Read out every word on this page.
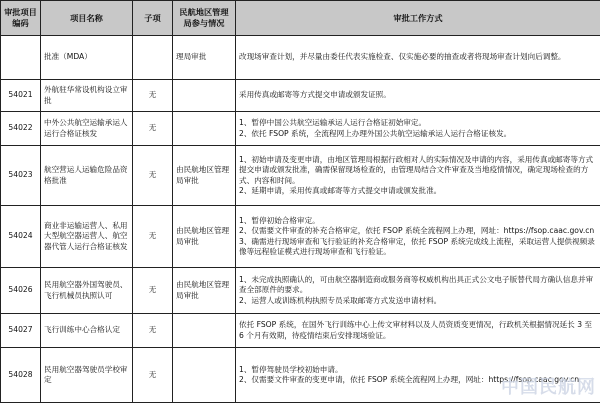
审批项目编码	项目名称	子项	民航地区管理局参与情况	审批工作方式
	批准（MDA）		理局审批	改现场审查计划，并尽量由委任代表实施检查、仅实施必要的抽查或者将现场审查计划向后调整。

54021	外航驻华常设机构设立审批	无		采用传真或邮寄等方式提交申请或颁发证照。

54022	中外公共航空运输承运人运行合格证核发	无		1、暂停中国公共航空运输承运人运行合格证初始审定。

2、依托 FSOP 系统，全流程网上办理外国公共航空运输承运人运行合格证核发。

54023	航空营运人运输危险品资格批准	无	由民航地区管理局审批	1、初始申请及变更申请，由地区管理局根据行政相对人的实际情况及申请的内容，采用传真或邮寄等方式提交申请或颁发批准，确需保留现场检查的，由管理局结合文件审查及当地疫情情况，确定现场检查的方式、内容和时间。

2、延期申请，采用传真或邮寄等方式提交申请或颁发批准。

54024	商业非运输运营人、私用大型航空器运营人、航空器代管人运行合格证核发	无	由民航地区管理局审批	1、暂停初始合格审定。

2、仅需要文件审查的补充合格审定，依托 FSOP 系统全流程网上办理，网址：https://fsop.caac.gov.cn

3、确需进行现场审查和飞行验证的补充合格审定，依托 FSOP 系统完成线上流程，采取运营人提供视频录像等远程验证模式进行现场审查和飞行验证。

54026	民用航空器外国驾驶员、飞行机械员执照认可	无	由民航地区管理局审批	1、未完成执照确认的，可由航空器制造商或服务商等权威机构出具正式公文电子版替代局方确认信息并审查全部原件的要求。

2、运营人或训练机构执照专员采取邮寄方式发送申请材料。

54027	飞行训练中心合格认定	无		依托 FSOP 系统，在国外飞行训练中心上传文审材料以及人员资质变更情况，行政机关根据情况延长 3 至 6 个月有效期，待疫情结束后安排现场验证。

54028	民用航空器驾驶员学校审定	无		1、暂停驾驶员学校初始申请。

2、仅需要文件审查的变更申请，依托 FSOP 系统全流程网上办理，网址：https://fsop.caac.gov.cn

中国民航网
